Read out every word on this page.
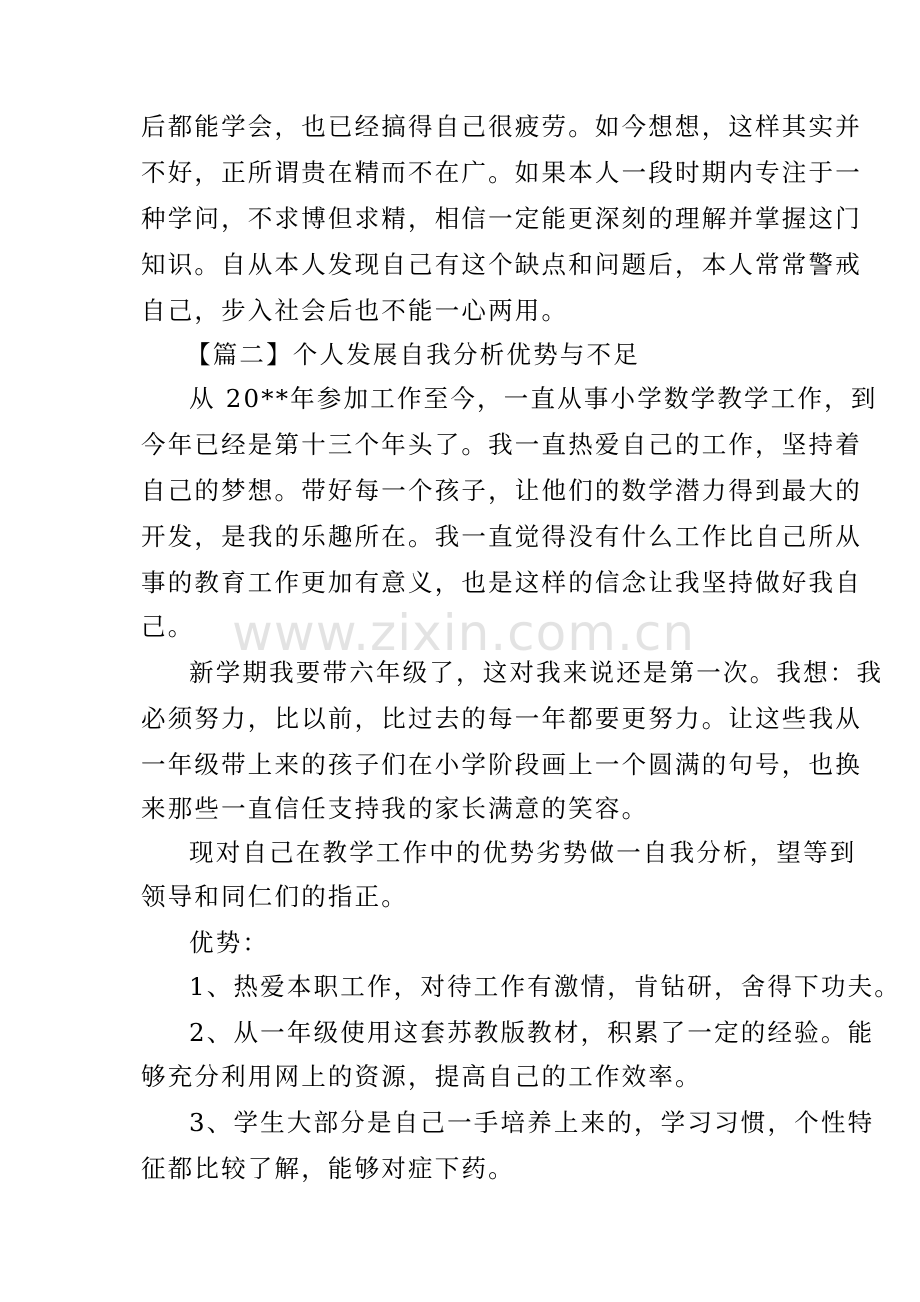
后都能学会，也已经搞得自己很疲劳。如今想想，这样其实并
不好，正所谓贵在精而不在广。如果本人一段时期内专注于一
种学问，不求博但求精，相信一定能更深刻的理解并掌握这门
知识。自从本人发现自己有这个缺点和问题后，本人常常警戒
自己，步入社会后也不能一心两用。
【篇二】个人发展自我分析优势与不足
从 20**年参加工作至今，一直从事小学数学教学工作，到
今年已经是第十三个年头了。我一直热爱自己的工作，坚持着
自己的梦想。带好每一个孩子，让他们的数学潜力得到最大的
开发，是我的乐趣所在。我一直觉得没有什么工作比自己所从
事的教育工作更加有意义，也是这样的信念让我坚持做好我自
己。
新学期我要带六年级了，这对我来说还是第一次。我想：我
必须努力，比以前，比过去的每一年都要更努力。让这些我从
一年级带上来的孩子们在小学阶段画上一个圆满的句号，也换
来那些一直信任支持我的家长满意的笑容。
现对自己在教学工作中的优势劣势做一自我分析，望等到
领导和同仁们的指正。
优势：
1、热爱本职工作，对待工作有激情，肯钻研，舍得下功夫。
2、从一年级使用这套苏教版教材，积累了一定的经验。能
够充分利用网上的资源，提高自己的工作效率。
3、学生大部分是自己一手培养上来的，学习习惯，个性特
征都比较了解，能够对症下药。
www.zixin.com.cn
